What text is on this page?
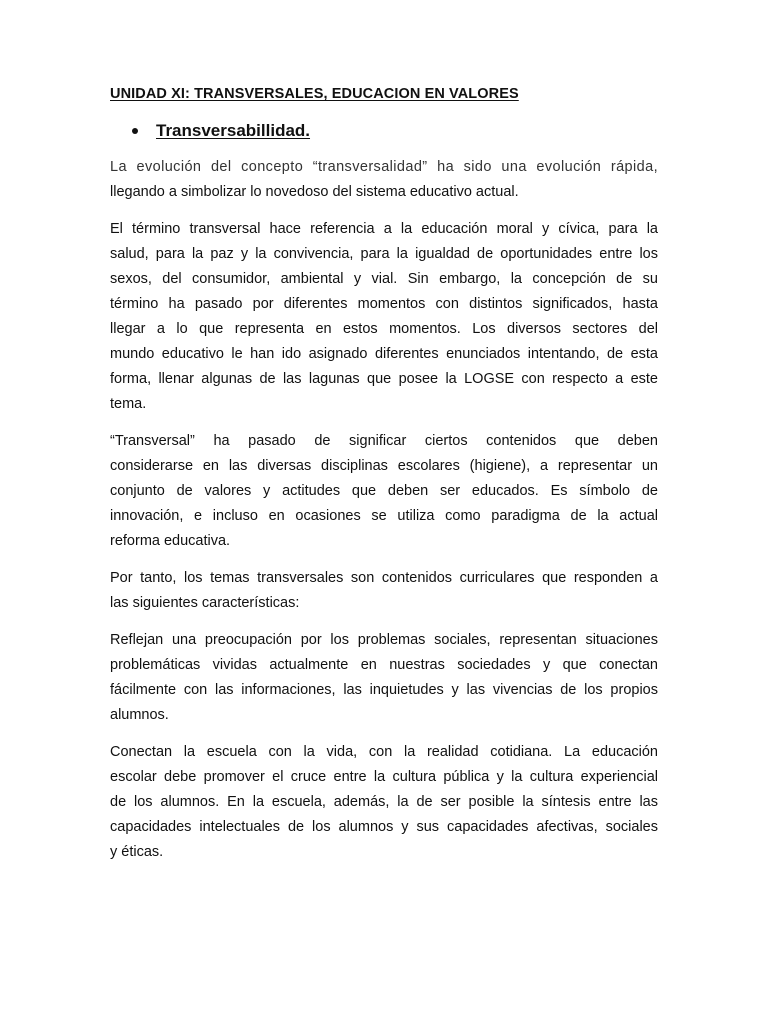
UNIDAD XI: TRANSVERSALES, EDUCACION EN VALORES
Transversabillidad.

La evolución del concepto “transversalidad” ha sido una evolución rápida,
llegando a simbolizar lo novedoso del sistema educativo actual.

El término transversal hace referencia a la educación moral y cívica, para la
salud, para la paz y la convivencia, para la igualdad de oportunidades entre los
sexos, del consumidor, ambiental y vial. Sin embargo, la concepción de su
término ha pasado por diferentes momentos con distintos significados, hasta
llegar a lo que representa en estos momentos. Los diversos sectores del
mundo educativo le han ido asignado diferentes enunciados intentando, de esta
forma, llenar algunas de las lagunas que posee la LOGSE con respecto a este
tema.

“Transversal” ha pasado de significar ciertos contenidos que deben
considerarse en las diversas disciplinas escolares (higiene), a representar un
conjunto de valores y actitudes que deben ser educados. Es símbolo de
innovación, e incluso en ocasiones se utiliza como paradigma de la actual
reforma educativa.

Por tanto, los temas transversales son contenidos curriculares que responden a
las siguientes características:

Reflejan una preocupación por los problemas sociales, representan situaciones
problemáticas vividas actualmente en nuestras sociedades y que conectan
fácilmente con las informaciones, las inquietudes y las vivencias de los propios
alumnos.

Conectan la escuela con la vida, con la realidad cotidiana. La educación
escolar debe promover el cruce entre la cultura pública y la cultura experiencial
de los alumnos. En la escuela, además, la de ser posible la síntesis entre las
capacidades intelectuales de los alumnos y sus capacidades afectivas, sociales
y éticas.
